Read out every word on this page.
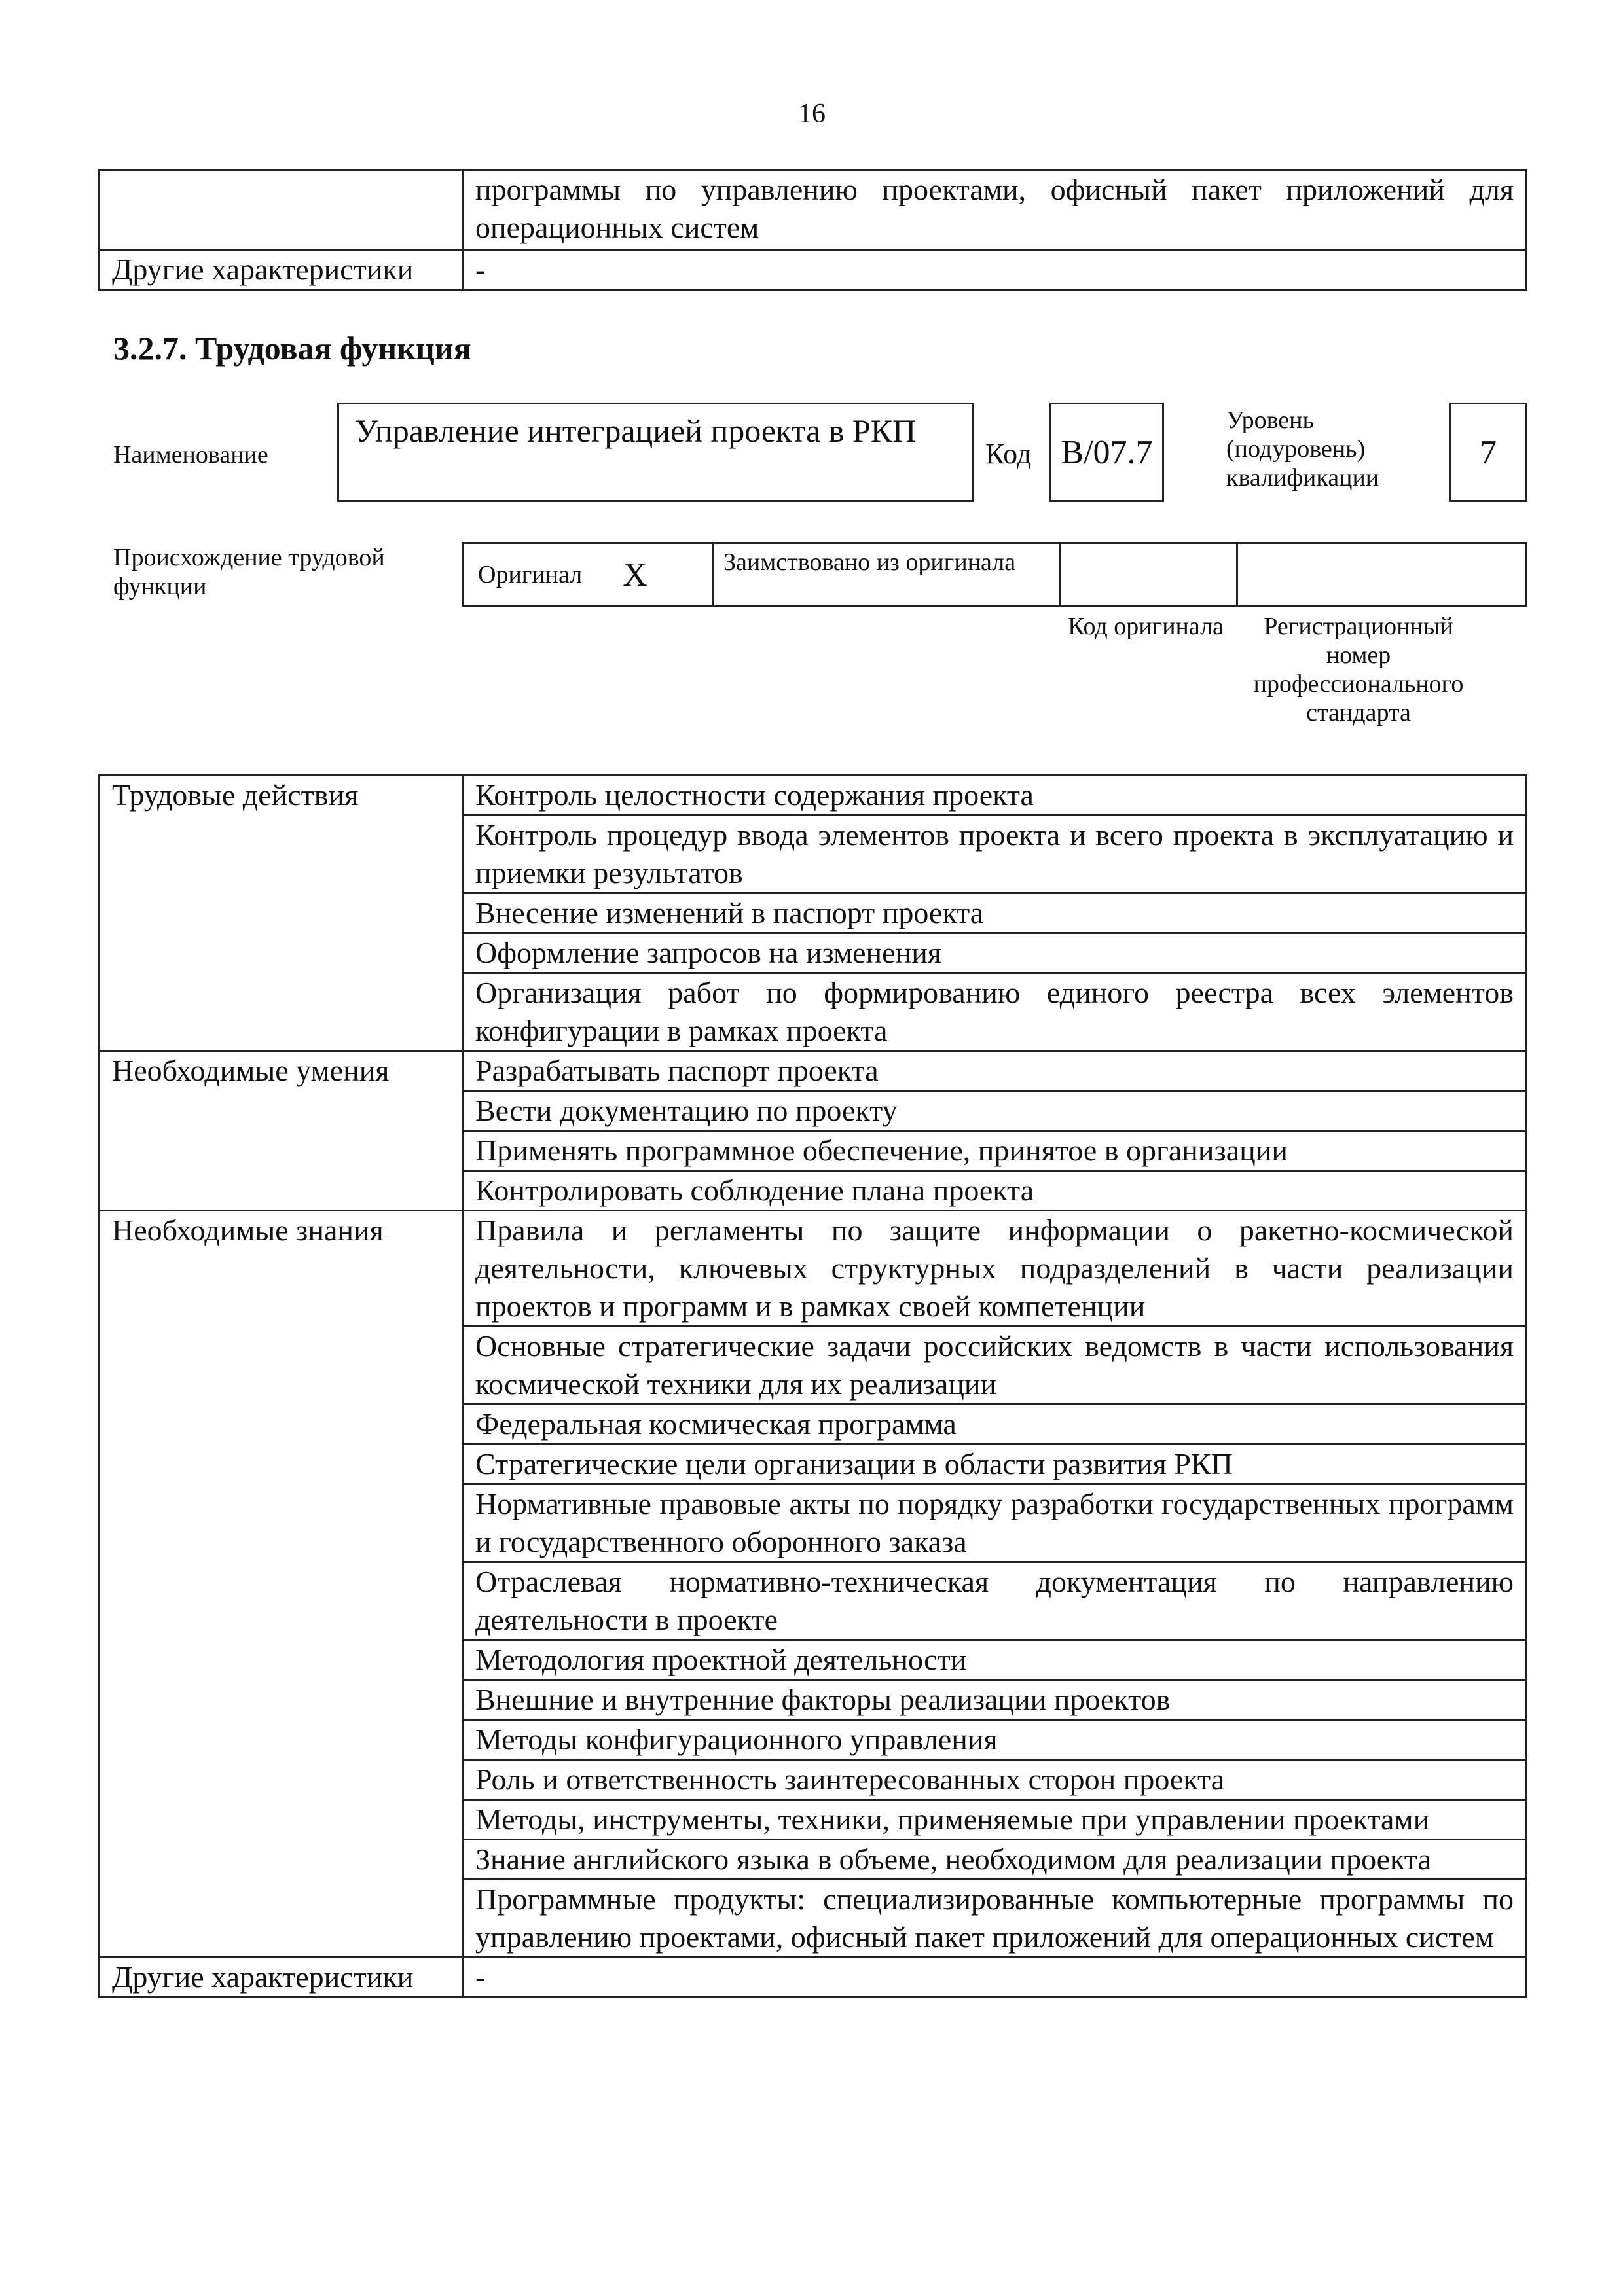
16
	программы по управлению проектами, офисный пакет приложений для операционных систем
Другие характеристики	-
3.2.7. Трудовая функция
Наименование
Управление интеграцией проекта в РКП
Код B/07.7
Уровень (подуровень) квалификации
7
Происхождение трудовой функции	Оригинал X	Заимствовано из оригинала
Код оригинала	Регистрационный номер профессионального стандарта
Трудовые действия	Контроль целостности содержания проекта
	Контроль процедур ввода элементов проекта и всего проекта в эксплуатацию и приемки результатов
	Внесение изменений в паспорт проекта
	Оформление запросов на изменения
	Организация работ по формированию единого реестра всех элементов конфигурации в рамках проекта
Необходимые умения	Разрабатывать паспорт проекта
	Вести документацию по проекту
	Применять программное обеспечение, принятое в организации
	Контролировать соблюдение плана проекта
Необходимые знания	Правила и регламенты по защите информации о ракетно-космической деятельности, ключевых структурных подразделений в части реализации проектов и программ и в рамках своей компетенции
	Основные стратегические задачи российских ведомств в части использования космической техники для их реализации
	Федеральная космическая программа
	Стратегические цели организации в области развития РКП
	Нормативные правовые акты по порядку разработки государственных программ и государственного оборонного заказа
	Отраслевая нормативно-техническая документация по направлению деятельности в проекте
	Методология проектной деятельности
	Внешние и внутренние факторы реализации проектов
	Методы конфигурационного управления
	Роль и ответственность заинтересованных сторон проекта
	Методы, инструменты, техники, применяемые при управлении проектами
	Знание английского языка в объеме, необходимом для реализации проекта
	Программные продукты: специализированные компьютерные программы по управлению проектами, офисный пакет приложений для операционных систем
Другие характеристики	-
